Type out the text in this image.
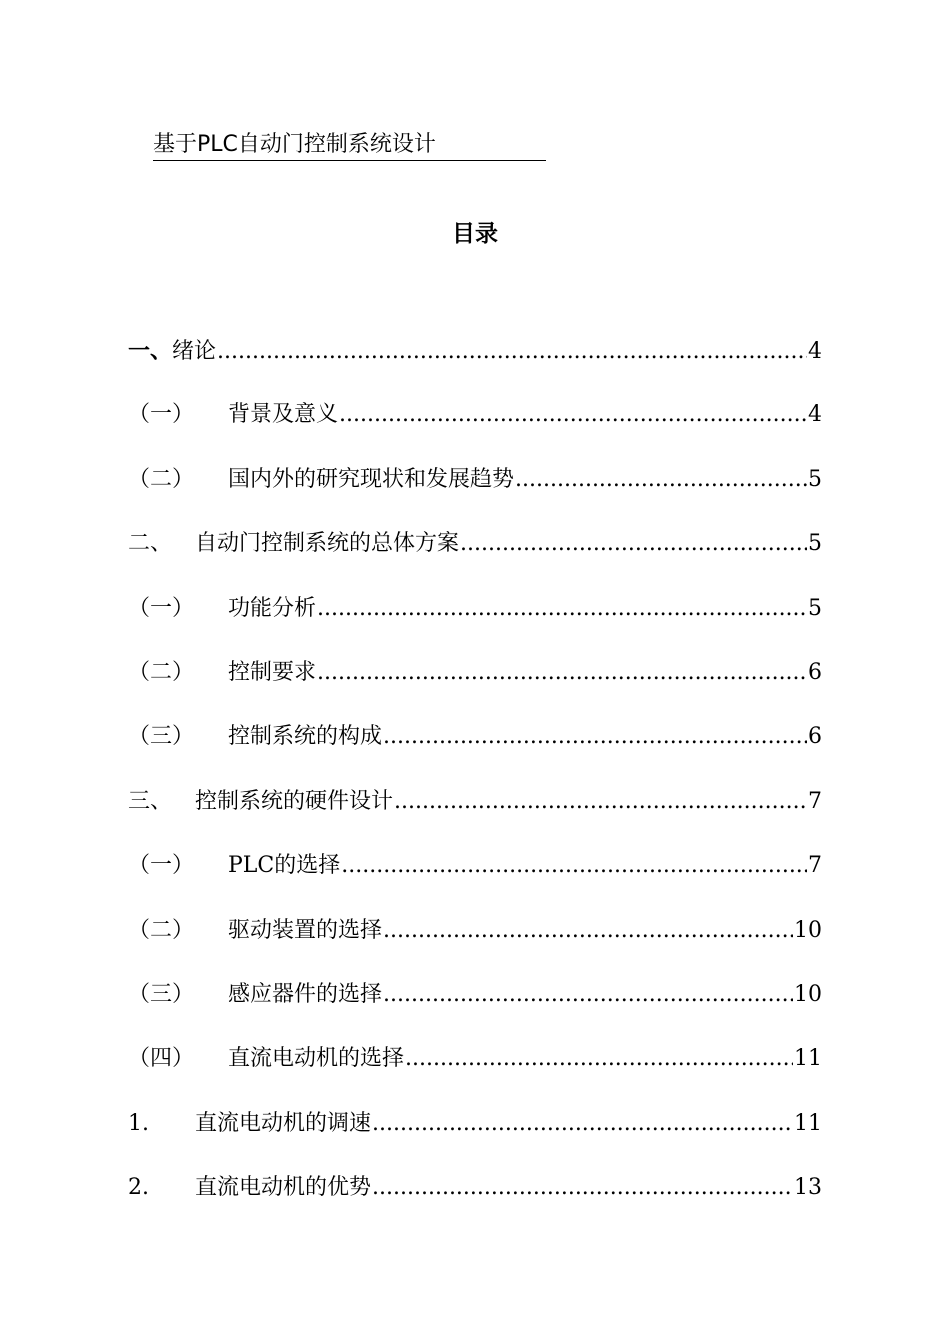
基于PLC自动门控制系统设计
目录
一、 绪论 .....	4
（一）	背景及意义 .....	4
（二）	国内外的研究现状和发展趋势 .....	5
二、	自动门控制系统的总体方案 .....	5
（一）	功能分析 .....	5
（二）	控制要求 .....	6
（三）	控制系统的构成 .....	6
三、	控制系统的硬件设计 .....	7
（一）	PLC的选择 .....	7
（二）	驱动装置的选择 .....	10
（三）	感应器件的选择 .....	10
（四）	直流电动机的选择 .....	11
1.	直流电动机的调速 .....	11
2.	直流电动机的优势 .....	13
